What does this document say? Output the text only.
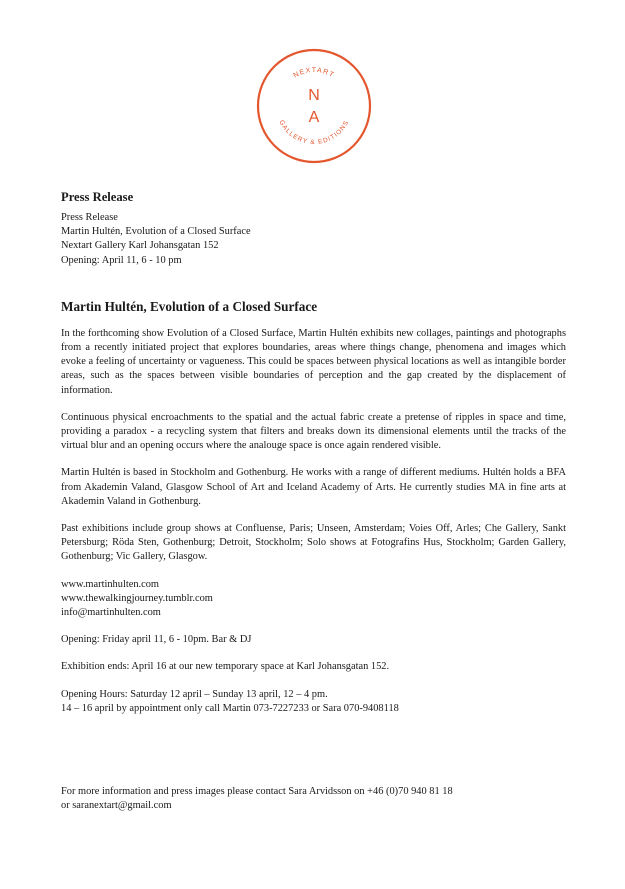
NEXTART
N
A
GALLERY & EDITIONS
Press Release
Press Release
Martin Hultén, Evolution of a Closed Surface
Nextart Gallery Karl Johansgatan 152
Opening: April 11, 6 - 10 pm
Martin Hultén, Evolution of a Closed Surface

In the forthcoming show Evolution of a Closed Surface, Martin Hultén exhibits new collages, paintings and photographs from a recently initiated project that explores boundaries, areas where things change, phenomena and images which evoke a feeling of uncertainty or vagueness. This could be spaces between physical locations as well as intangible border areas, such as the spaces between visible boundaries of perception and the gap created by the displacement of information.

Continuous physical encroachments to the spatial and the actual fabric create a pretense of ripples in space and time, providing a paradox - a recycling system that filters and breaks down its dimensional elements until the tracks of the virtual blur and an opening occurs where the analouge space is once again rendered visible.

Martin Hultén is based in Stockholm and Gothenburg. He works with a range of different mediums. Hultén holds a BFA from Akademin Valand, Glasgow School of Art and Iceland Academy of Arts. He currently studies MA in fine arts at Akademin Valand in Gothenburg.

Past exhibitions include group shows at Confluense, Paris; Unseen, Amsterdam; Voies Off, Arles; Che Gallery, Sankt Petersburg; Röda Sten, Gothenburg; Detroit, Stockholm; Solo shows at Fotografins Hus, Stockholm; Garden Gallery, Gothenburg; Vic Gallery, Glasgow.

www.martinhulten.com
www.thewalkingjourney.tumblr.com
info@martinhulten.com
Opening: Friday april 11, 6 - 10pm. Bar & DJ
Exhibition ends: April 16 at our new temporary space at Karl Johansgatan 152.
Opening Hours: Saturday 12 april – Sunday 13 april, 12 – 4 pm.
14 – 16 april by appointment only call Martin 073-7227233 or Sara 070-9408118
For more information and press images please contact Sara Arvidsson on +46 (0)70 940 81 18
or saranextart@gmail.com
